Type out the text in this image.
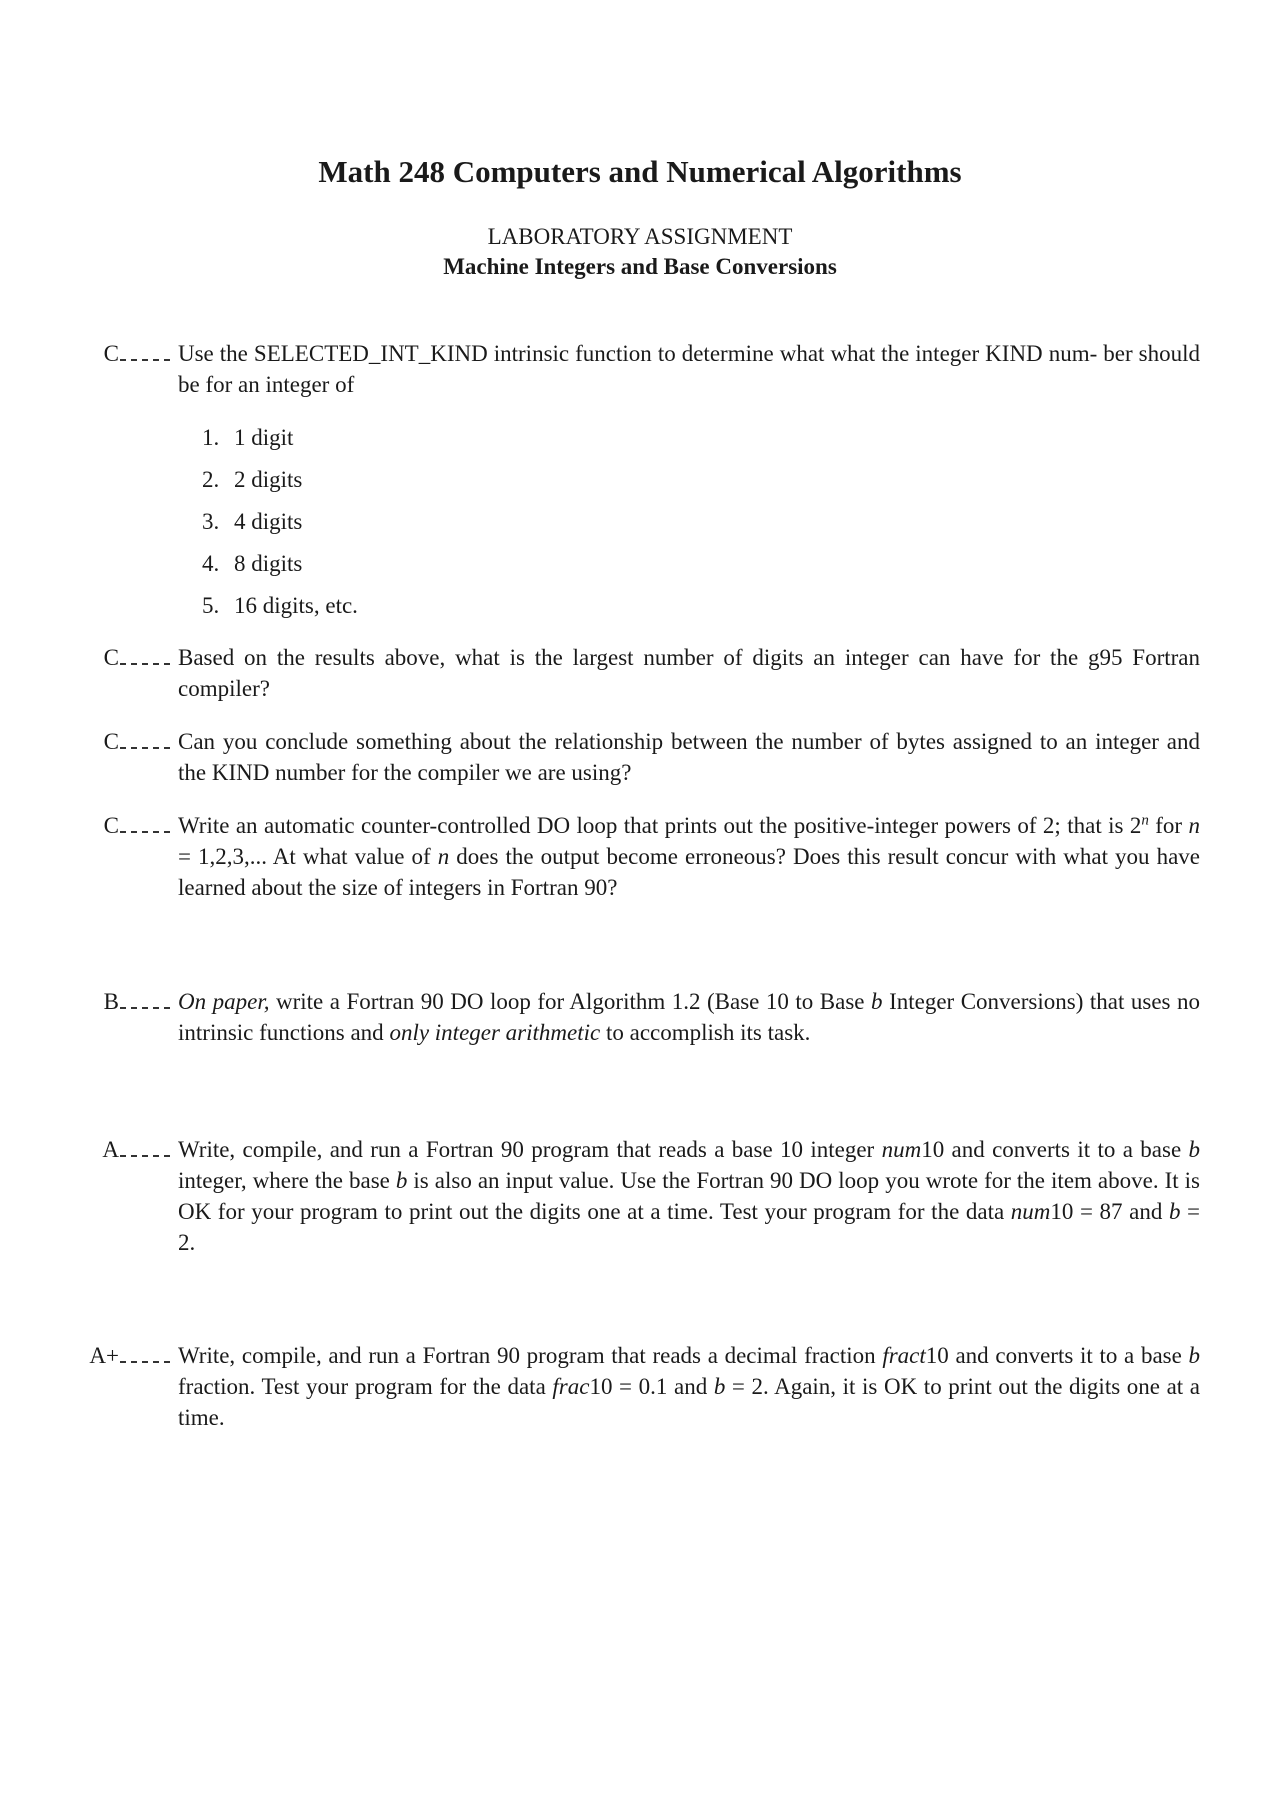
Math 248 Computers and Numerical Algorithms
LABORATORY ASSIGNMENT
Machine Integers and Base Conversions
C	Use the SELECTED_INT_KIND intrinsic function to determine what what the integer KIND num- ber should be for an integer of
1. 1 digit
2. 2 digits
3. 4 digits
4. 8 digits
5. 16 digits, etc.
C	Based on the results above, what is the largest number of digits an integer can have for the g95 Fortran compiler?
C	Can you conclude something about the relationship between the number of bytes assigned to an integer and the KIND number for the compiler we are using?
C	Write an automatic counter-controlled DO loop that prints out the positive-integer powers of 2; that is 2$^n$ for n = 1,2,3,... At what value of n does the output become erroneous? Does this result concur with what you have learned about the size of integers in Fortran 90?
B	On paper, write a Fortran 90 DO loop for Algorithm 1.2 (Base 10 to Base b Integer Conversions) that uses no intrinsic functions and only integer arithmetic to accomplish its task.
A	Write, compile, and run a Fortran 90 program that reads a base 10 integer num10 and converts it to a base b integer, where the base b is also an input value. Use the Fortran 90 DO loop you wrote for the item above. It is OK for your program to print out the digits one at a time. Test your program for the data num10 = 87 and b = 2.
A+	Write, compile, and run a Fortran 90 program that reads a decimal fraction fract10 and converts it to a base b fraction. Test your program for the data frac10 = 0.1 and b = 2. Again, it is OK to print out the digits one at a time.
